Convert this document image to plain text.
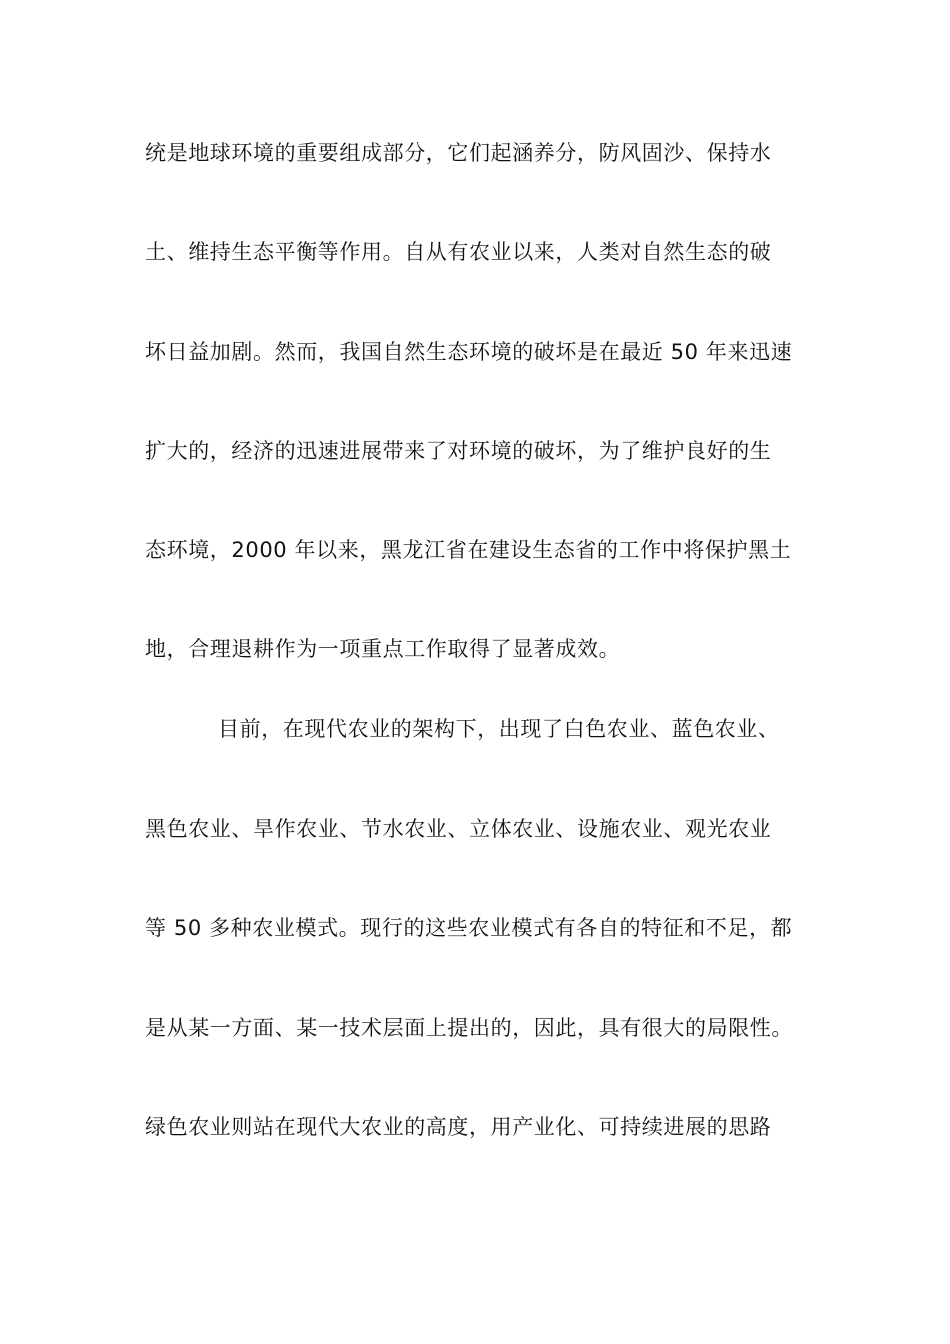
统是地球环境的重要组成部分，它们起涵养分，防风固沙、保持水

土、维持生态平衡等作用。自从有农业以来，人类对自然生态的破

坏日益加剧。然而，我国自然生态环境的破坏是在最近 50 年来迅速

扩大的，经济的迅速进展带来了对环境的破坏，为了维护良好的生

态环境，2000 年以来，黑龙江省在建设生态省的工作中将保护黑土

地，合理退耕作为一项重点工作取得了显著成效。

目前，在现代农业的架构下，出现了白色农业、蓝色农业、

黑色农业、旱作农业、节水农业、立体农业、设施农业、观光农业

等 50 多种农业模式。现行的这些农业模式有各自的特征和不足，都

是从某一方面、某一技术层面上提出的，因此，具有很大的局限性。

绿色农业则站在现代大农业的高度，用产业化、可持续进展的思路
